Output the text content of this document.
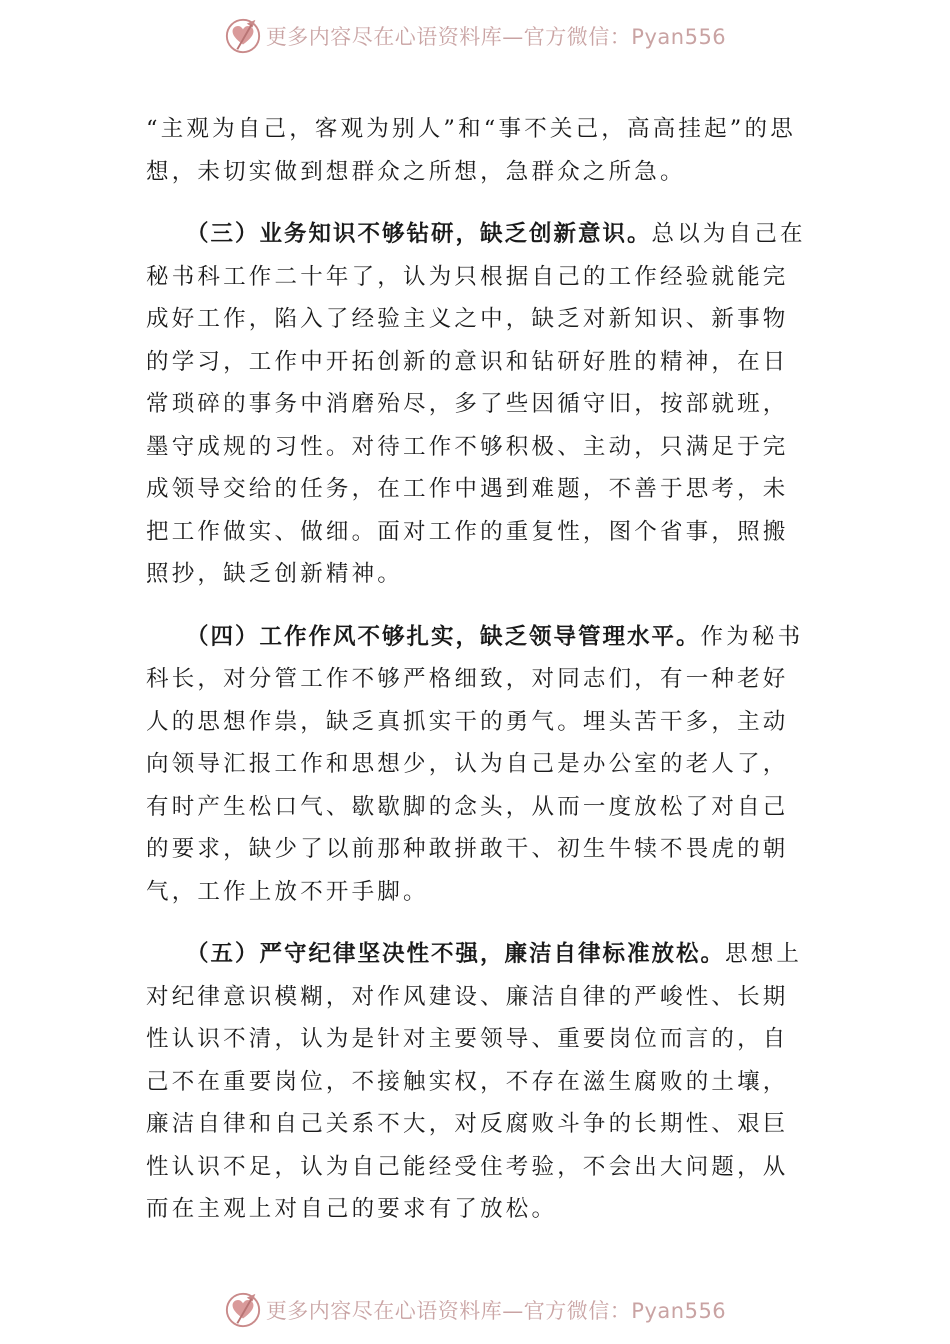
更多内容尽在心语资料库—官方微信：Pyan556

“主观为自己，客观为别人”和“事不关己，高高挂起”的思想，未切实做到想群众之所想，急群众之所急。

（三）业务知识不够钻研，缺乏创新意识。总以为自己在秘书科工作二十年了，认为只根据自己的工作经验就能完成好工作，陷入了经验主义之中，缺乏对新知识、新事物的学习，工作中开拓创新的意识和钻研好胜的精神，在日常琐碎的事务中消磨殆尽，多了些因循守旧，按部就班，墨守成规的习性。对待工作不够积极、主动，只满足于完成领导交给的任务，在工作中遇到难题，不善于思考，未把工作做实、做细。面对工作的重复性，图个省事，照搬照抄，缺乏创新精神。

（四）工作作风不够扎实，缺乏领导管理水平。作为秘书科长，对分管工作不够严格细致，对同志们，有一种老好人的思想作祟，缺乏真抓实干的勇气。埋头苦干多，主动向领导汇报工作和思想少，认为自己是办公室的老人了，有时产生松口气、歇歇脚的念头，从而一度放松了对自己的要求，缺少了以前那种敢拼敢干、初生牛犊不畏虎的朝气，工作上放不开手脚。

（五）严守纪律坚决性不强，廉洁自律标准放松。思想上对纪律意识模糊，对作风建设、廉洁自律的严峻性、长期性认识不清，认为是针对主要领导、重要岗位而言的，自己不在重要岗位，不接触实权，不存在滋生腐败的土壤，廉洁自律和自己关系不大，对反腐败斗争的长期性、艰巨性认识不足，认为自己能经受住考验，不会出大问题，从而在主观上对自己的要求有了放松。

更多内容尽在心语资料库—官方微信：Pyan556
